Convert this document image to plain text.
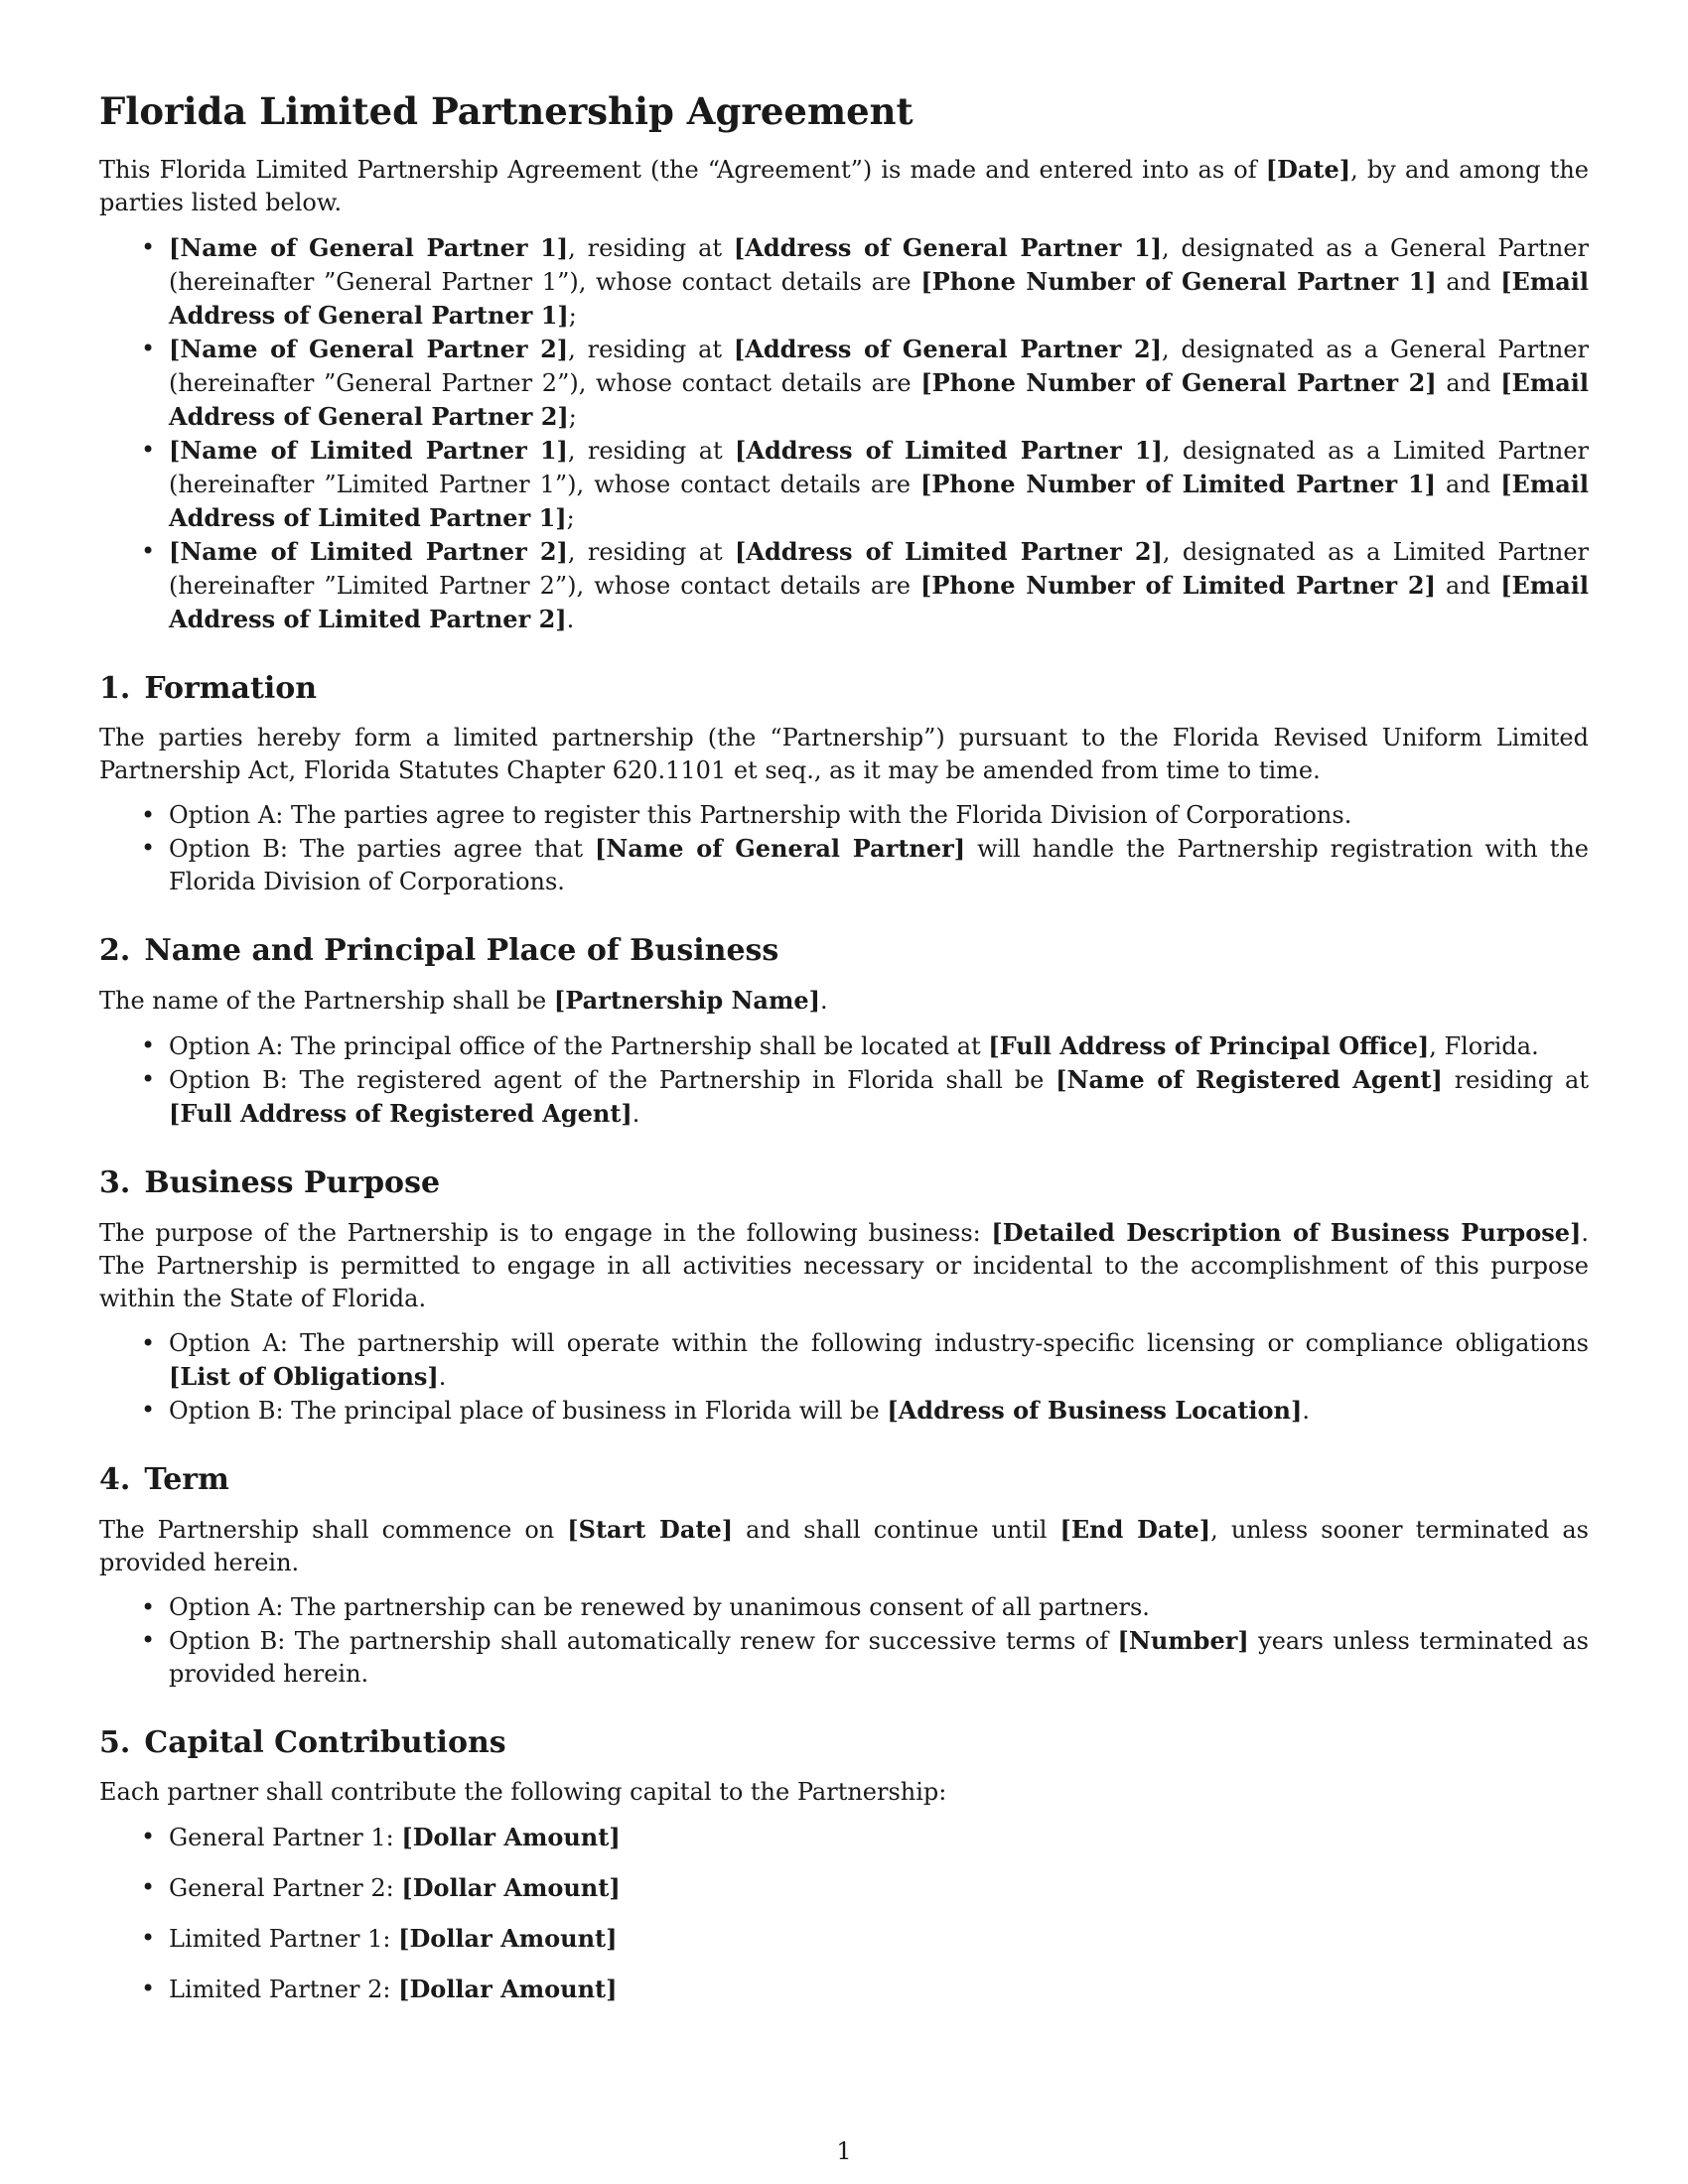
Florida Limited Partnership Agreement

This Florida Limited Partnership Agreement (the “Agreement”) is made and entered into as of [Date], by and among the parties listed below.

• [Name of General Partner 1], residing at [Address of General Partner 1], designated as a General Partner (hereinafter ”General Partner 1”), whose contact details are [Phone Number of General Partner 1] and [Email Address of General Partner 1];
• [Name of General Partner 2], residing at [Address of General Partner 2], designated as a General Partner (hereinafter ”General Partner 2”), whose contact details are [Phone Number of General Partner 2] and [Email Address of General Partner 2];
• [Name of Limited Partner 1], residing at [Address of Limited Partner 1], designated as a Limited Partner (hereinafter ”Limited Partner 1”), whose contact details are [Phone Number of Limited Partner 1] and [Email Address of Limited Partner 1];
• [Name of Limited Partner 2], residing at [Address of Limited Partner 2], designated as a Limited Partner (hereinafter ”Limited Partner 2”), whose contact details are [Phone Number of Limited Partner 2] and [Email Address of Limited Partner 2].
1. Formation

The parties hereby form a limited partnership (the “Partnership”) pursuant to the Florida Revised Uniform Limited Partnership Act, Florida Statutes Chapter 620.1101 et seq., as it may be amended from time to time.

• Option A: The parties agree to register this Partnership with the Florida Division of Corporations.
• Option B: The parties agree that [Name of General Partner] will handle the Partnership registration with the Florida Division of Corporations.
2. Name and Principal Place of Business

The name of the Partnership shall be [Partnership Name].

• Option A: The principal office of the Partnership shall be located at [Full Address of Principal Office], Florida.
• Option B: The registered agent of the Partnership in Florida shall be [Name of Registered Agent] residing at [Full Address of Registered Agent].
3. Business Purpose

The purpose of the Partnership is to engage in the following business: [Detailed Description of Business Purpose]. The Partnership is permitted to engage in all activities necessary or incidental to the accomplishment of this purpose within the State of Florida.

• Option A: The partnership will operate within the following industry-specific licensing or compliance obligations [List of Obligations].
• Option B: The principal place of business in Florida will be [Address of Business Location].
4. Term

The Partnership shall commence on [Start Date] and shall continue until [End Date], unless sooner terminated as provided herein.

• Option A: The partnership can be renewed by unanimous consent of all partners.
• Option B: The partnership shall automatically renew for successive terms of [Number] years unless terminated as provided herein.
5. Capital Contributions

Each partner shall contribute the following capital to the Partnership:

• General Partner 1: [Dollar Amount]
• General Partner 2: [Dollar Amount]
• Limited Partner 1: [Dollar Amount]
• Limited Partner 2: [Dollar Amount]
1
